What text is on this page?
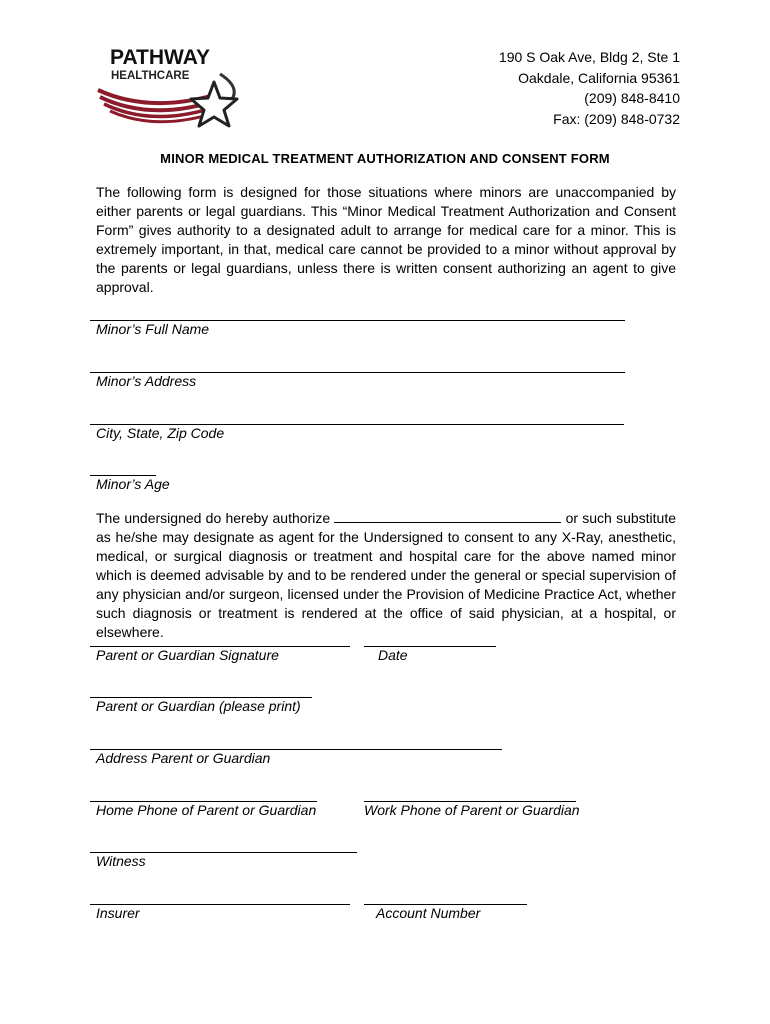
PATHWAY
HEALTHCARE
190 S Oak Ave, Bldg 2, Ste 1
Oakdale, California 95361
(209) 848-8410
Fax: (209) 848-0732
MINOR MEDICAL TREATMENT AUTHORIZATION AND CONSENT FORM
The following form is designed for those situations where minors are unaccompanied by either parents or legal guardians. This “Minor Medical Treatment Authorization and Consent Form” gives authority to a designated adult to arrange for medical care for a minor. This is extremely important, in that, medical care cannot be provided to a minor without approval by the parents or legal guardians, unless there is written consent authorizing an agent to give approval.
Minor’s Full Name
Minor’s Address
City, State, Zip Code
Minor’s Age
The undersigned do hereby authorize	or such substitute as he/she may designate as agent for the Undersigned to consent to any X-Ray, anesthetic, medical, or surgical diagnosis or treatment and hospital care for the above named minor which is deemed advisable by and to be rendered under the general or special supervision of any physician and/or surgeon, licensed under the Provision of Medicine Practice Act, whether such diagnosis or treatment is rendered at the office of said physician, at a hospital, or elsewhere.
Parent or Guardian Signature	Date
Parent or Guardian (please print)
Address Parent or Guardian
Home Phone of Parent or Guardian	Work Phone of Parent or Guardian
Witness
Insurer	Account Number
